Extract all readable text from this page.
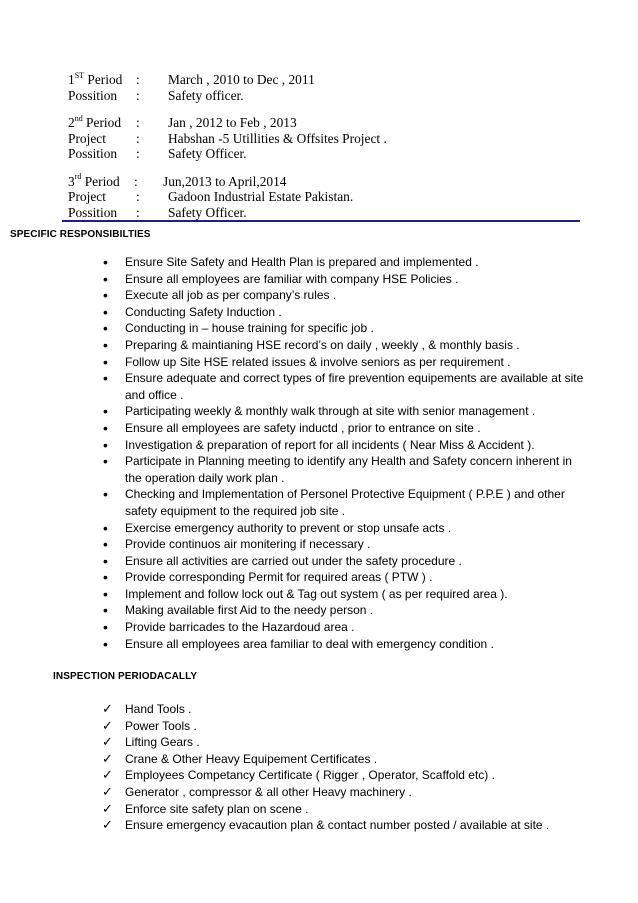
1ST Period : March , 2010 to Dec , 2011
Possition : Safety officer.
2nd Period : Jan , 2012 to Feb , 2013
Project : Habshan -5 Utillities & Offsites Project .
Possition : Safety Officer.
3rd Period : Jun,2013 to April,2014
Project : Gadoon Industrial Estate Pakistan.
Possition : Safety Officer.
SPECIFIC RESPONSIBILTIES
• Ensure Site Safety and Health Plan is prepared and implemented .
• Ensure all employees are familiar with company HSE Policies .
• Execute all job as per company’s rules .
• Conducting Safety Induction .
• Conducting in – house training for specific job .
• Preparing & maintianing HSE record’s on daily , weekly , & monthly basis .
• Follow up Site HSE related issues & involve seniors as per requirement .
• Ensure adequate and correct types of fire prevention equipements are available at site and office .
• Participating weekly & monthly walk through at site with senior management .
• Ensure all employees are safety inductd , prior to entrance on site .
• Investigation & preparation of report for all incidents ( Near Miss & Accident ).
• Participate in Planning meeting to identify any Health and Safety concern inherent in the operation daily work plan .
• Checking and Implementation of Personel Protective Equipment ( P.P.E ) and other safety equipment to the required job site .
• Exercise emergency authority to prevent or stop unsafe acts .
• Provide continuos air monitering if necessary .
• Ensure all activities are carried out under the safety procedure .
• Provide corresponding Permit for required areas ( PTW ) .
• Implement and follow lock out & Tag out system ( as per required area ).
• Making available first Aid to the needy person .
• Provide barricades to the Hazardoud area .
• Ensure all employees area familiar to deal with emergency condition .
INSPECTION PERIODACALLY
✓ Hand Tools .
✓ Power Tools .
✓ Lifting Gears .
✓ Crane & Other Heavy Equipement Certificates .
✓ Employees Competancy Certificate ( Rigger , Operator, Scaffold etc) .
✓ Generator , compressor & all other Heavy machinery .
✓ Enforce site safety plan on scene .
✓ Ensure emergency evacaution plan & contact number posted / available at site .
